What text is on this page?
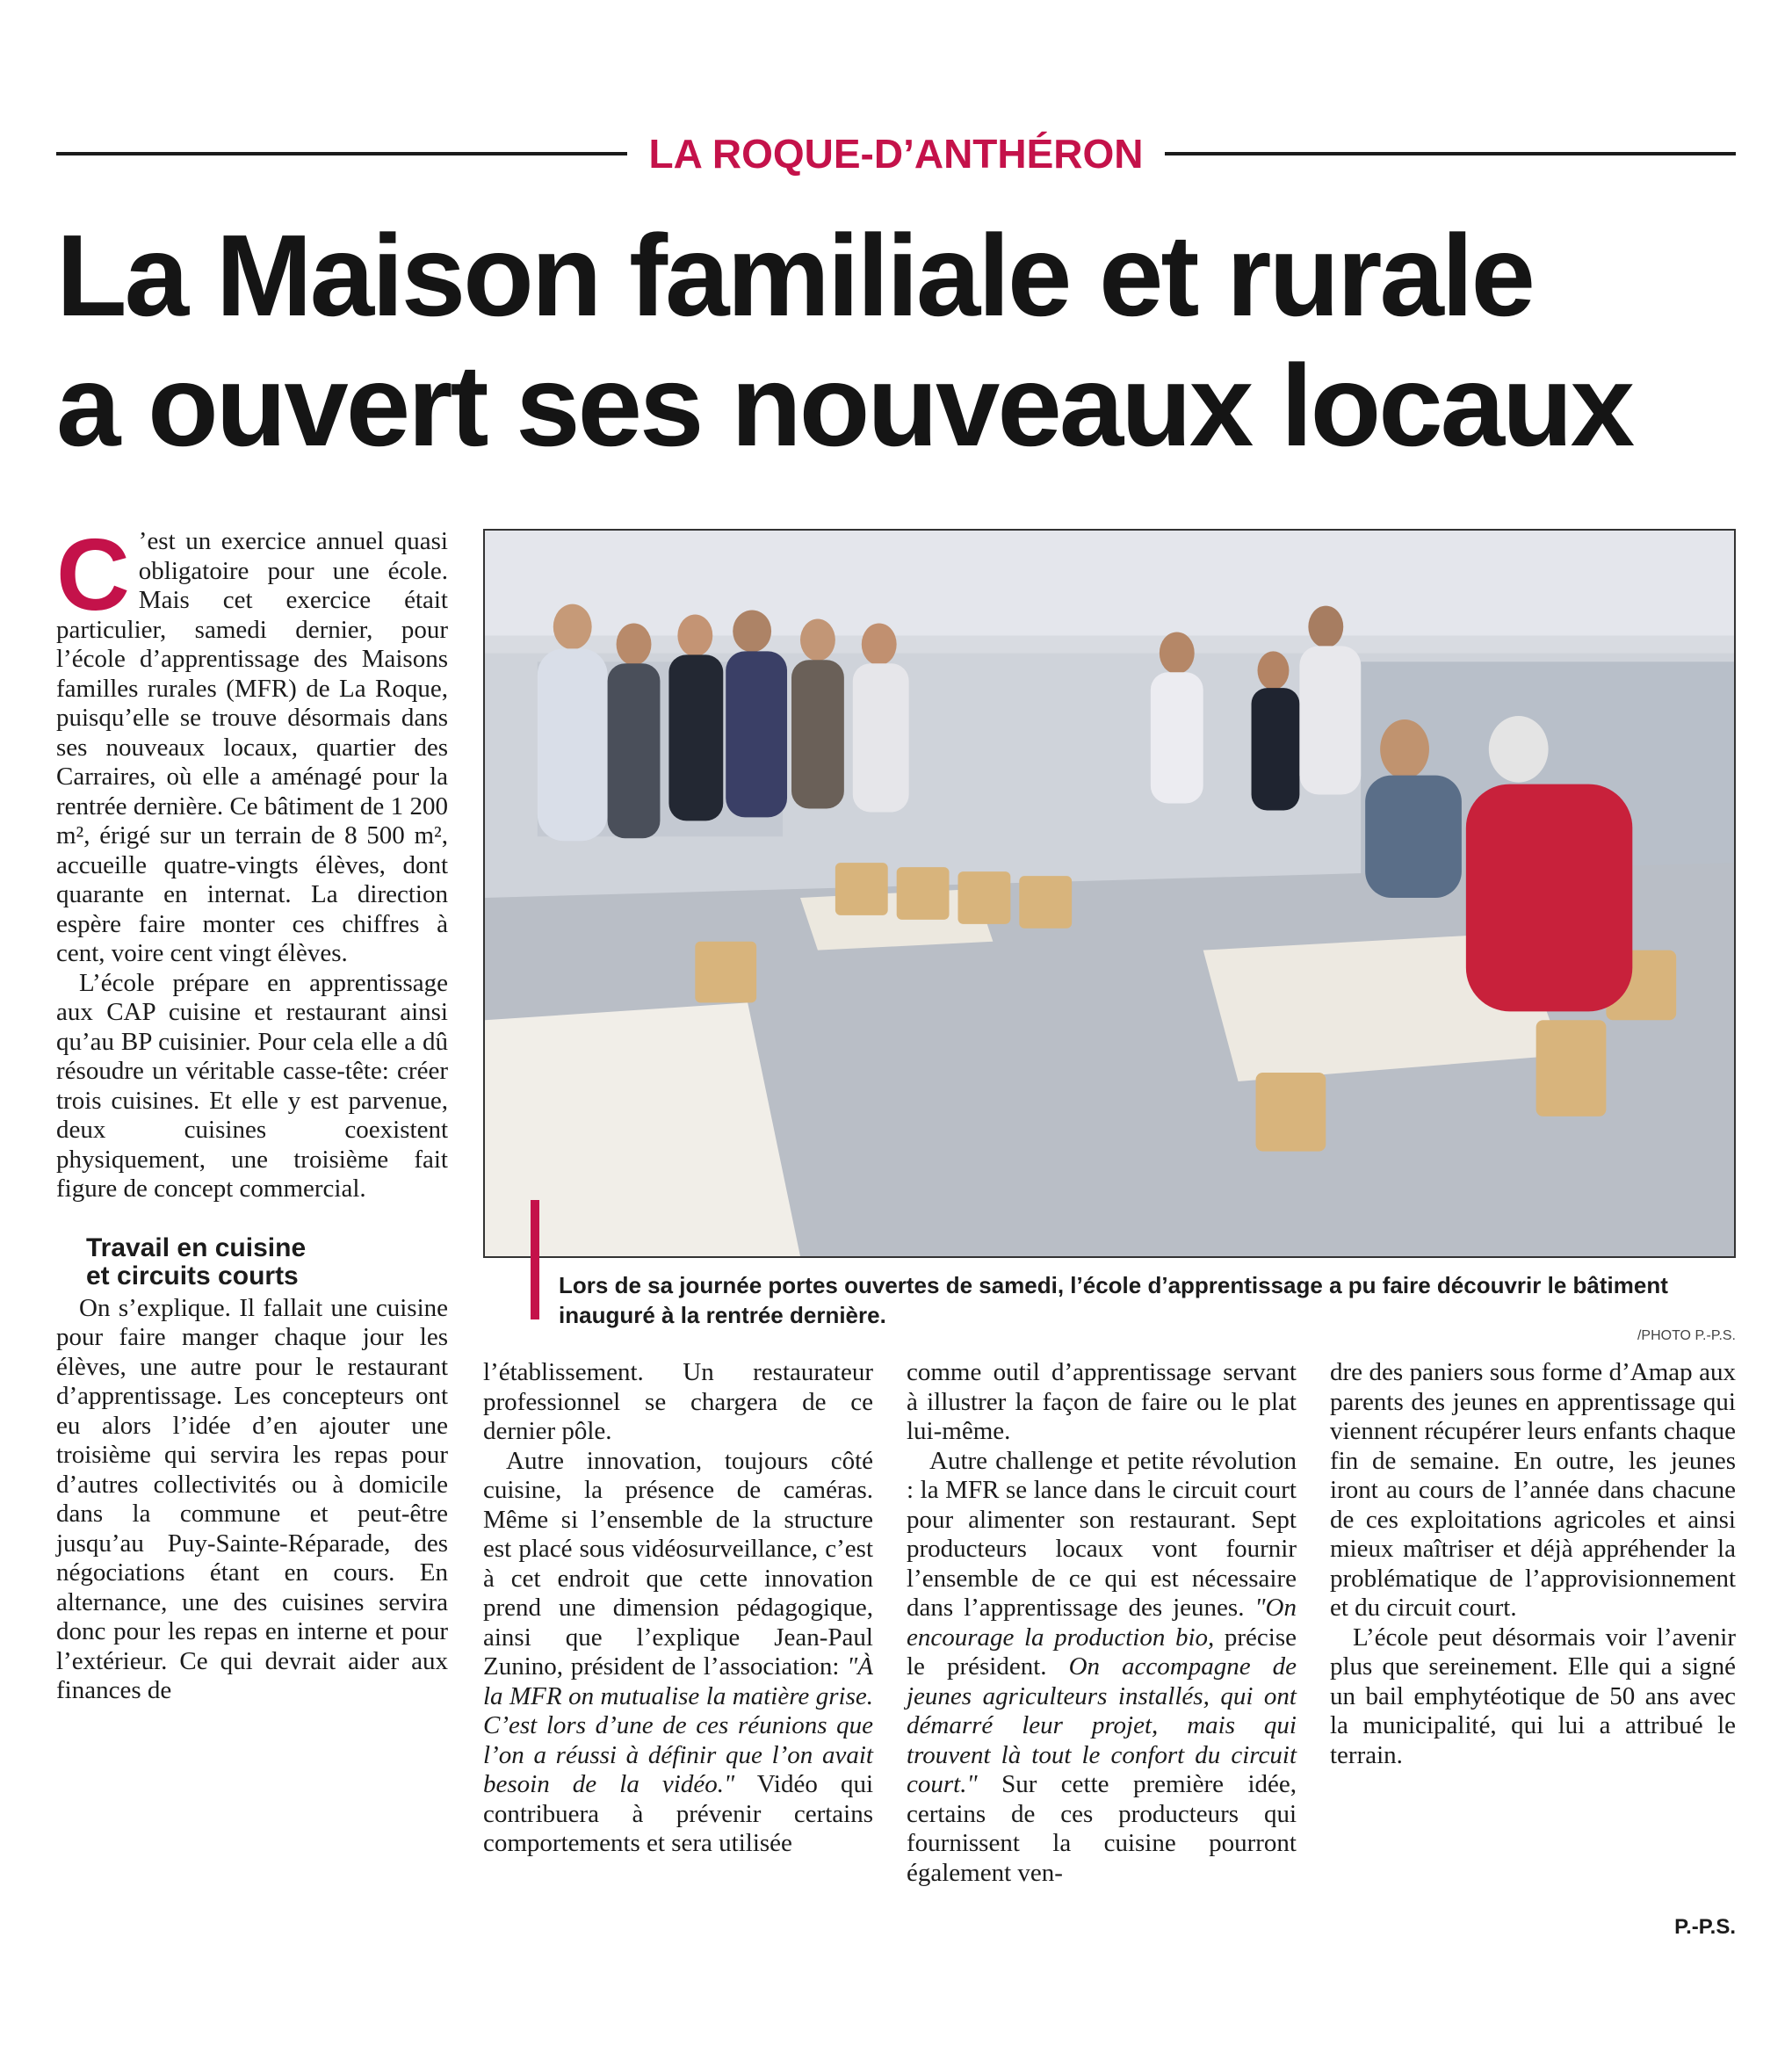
LA ROQUE-D’ANTHÉRON
La Maison familiale et rurale
a ouvert ses nouveaux locaux

C ’est un exercice annuel quasi obligatoire pour une école. Mais cet exercice était particulier, samedi dernier, pour l’école d’apprentissage des Maisons familles rurales (MFR) de La Roque, puisqu’elle se trouve désormais dans ses nouveaux locaux, quartier des Carraires, où elle a aménagé pour la rentrée dernière. Ce bâtiment de 1 200 m², érigé sur un terrain de 8 500 m², accueille quatre-vingts élèves, dont quarante en internat. La direction espère faire monter ces chiffres à cent, voire cent vingt élèves.

L’école prépare en apprentissage aux CAP cuisine et restaurant ainsi qu’au BP cuisinier. Pour cela elle a dû résoudre un véritable casse-tête: créer trois cuisines. Et elle y est parvenue, deux cuisines coexistent physiquement, une troisième fait figure de concept commercial.

Travail en cuisine
et circuits courts

On s’explique. Il fallait une cuisine pour faire manger chaque jour les élèves, une autre pour le restaurant d’apprentissage. Les concepteurs ont eu alors l’idée d’en ajouter une troisième qui servira les repas pour d’autres collectivités ou à domicile dans la commune et peut-être jusqu’au Puy-Sainte-Réparade, des négociations étant en cours. En alternance, une des cuisines servira donc pour les repas en interne et pour l’extérieur. Ce qui devrait aider aux finances de

Lors de sa journée portes ouvertes de samedi, l’école d’apprentissage a pu faire découvrir le bâtiment inauguré à la rentrée dernière.
/PHOTO P.-P.S.

l’établissement. Un restaurateur professionnel se chargera de ce dernier pôle.

Autre innovation, toujours côté cuisine, la présence de caméras. Même si l’ensemble de la structure est placé sous vidéosurveillance, c’est à cet endroit que cette innovation prend une dimension pédagogique, ainsi que l’explique Jean-Paul Zunino, président de l’association: "À la MFR on mutualise la matière grise. C’est lors d’une de ces réunions que l’on a réussi à définir que l’on avait besoin de la vidéo." Vidéo qui contribuera à prévenir certains comportements et sera utilisée

comme outil d’apprentissage servant à illustrer la façon de faire ou le plat lui-même.

Autre challenge et petite révolution : la MFR se lance dans le circuit court pour alimenter son restaurant. Sept producteurs locaux vont fournir l’ensemble de ce qui est nécessaire dans l’apprentissage des jeunes. "On encourage la production bio, précise le président. On accompagne de jeunes agriculteurs installés, qui ont démarré leur projet, mais qui trouvent là tout le confort du circuit court." Sur cette première idée, certains de ces producteurs qui fournissent la cuisine pourront également ven-

dre des paniers sous forme d’Amap aux parents des jeunes en apprentissage qui viennent récupérer leurs enfants chaque fin de semaine. En outre, les jeunes iront au cours de l’année dans chacune de ces exploitations agricoles et ainsi mieux maîtriser et déjà appréhender la problématique de l’approvisionnement et du circuit court.

L’école peut désormais voir l’avenir plus que sereinement. Elle qui a signé un bail emphytéotique de 50 ans avec la municipalité, qui lui a attribué le terrain.

P.-P.S.
